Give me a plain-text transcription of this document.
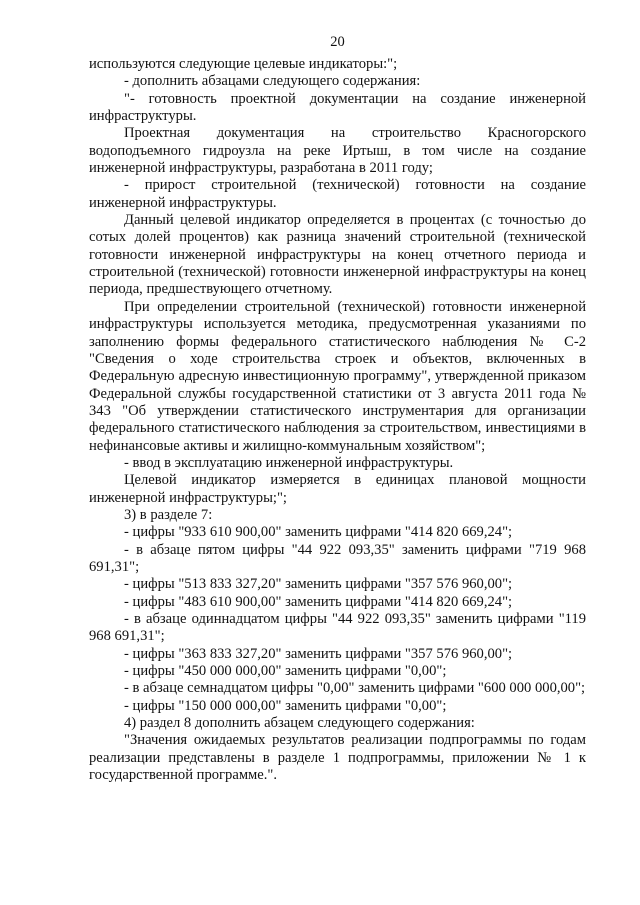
20

используются следующие целевые индикаторы:";

- дополнить абзацами следующего содержания:

"- готовность проектной документации на создание инженерной инфраструктуры.

Проектная документация на строительство Красногорского водоподъемного гидроузла на реке Иртыш, в том числе на создание инженерной инфраструктуры, разработана в 2011 году;

- прирост строительной (технической) готовности на создание инженерной инфраструктуры.

Данный целевой индикатор определяется в процентах (с точностью до сотых долей процентов) как разница значений строительной (технической готовности инженерной инфраструктуры на конец отчетного периода и строительной (технической) готовности инженерной инфраструктуры на конец периода, предшествующего отчетному.

При определении строительной (технической) готовности инженерной инфраструктуры используется методика, предусмотренная указаниями по заполнению формы федерального статистического наблюдения № С-2 "Сведения о ходе строительства строек и объектов, включенных в Федеральную адресную инвестиционную программу", утвержденной приказом Федеральной службы государственной статистики от 3 августа 2011 года № 343 "Об утверждении статистического инструментария для организации федерального статистического наблюдения за строительством, инвестициями в нефинансовые активы и жилищно-коммунальным хозяйством";

- ввод в эксплуатацию инженерной инфраструктуры.

Целевой индикатор измеряется в единицах плановой мощности инженерной инфраструктуры;";

3) в разделе 7:

- цифры "933 610 900,00" заменить цифрами "414 820 669,24";

- в абзаце пятом цифры "44 922 093,35" заменить цифрами "719 968 691,31";

- цифры "513 833 327,20" заменить цифрами "357 576 960,00";

- цифры "483 610 900,00" заменить цифрами "414 820 669,24";

- в абзаце одиннадцатом цифры "44 922 093,35" заменить цифрами "119 968 691,31";

- цифры "363 833 327,20" заменить цифрами "357 576 960,00";

- цифры "450 000 000,00" заменить цифрами "0,00";

- в абзаце семнадцатом цифры "0,00" заменить цифрами "600 000 000,00";

- цифры "150 000 000,00" заменить цифрами "0,00";

4) раздел 8 дополнить абзацем следующего содержания:

"Значения ожидаемых результатов реализации подпрограммы по годам реализации представлены в разделе 1 подпрограммы, приложении № 1 к государственной программе.".
